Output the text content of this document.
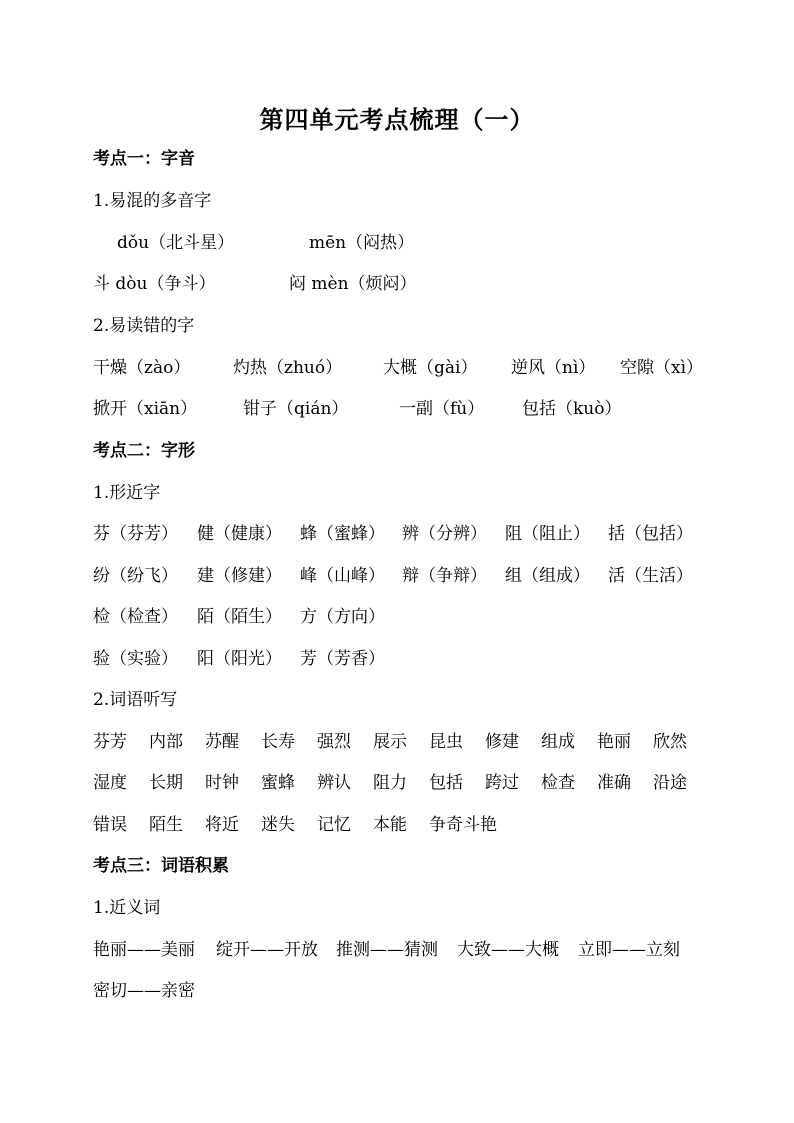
第四单元考点梳理（一）
考点一：字音
1.易混的多音字
dǒu（北斗星）	mēn（闷热）
斗 dòu（争斗）	闷 mèn（烦闷）
2.易读错的字
干燥（zào）	灼热（zhuó） 大概（gài） 逆风（nì） 空隙（xì）
掀开（xiān）	钳子（qián）	一副（fù） 包括（kuò）
考点二：字形
1.形近字
芬（芬芳） 健（健康） 蜂（蜜蜂） 辨（分辨） 阻（阻止） 括（包括）
纷（纷飞） 建（修建） 峰（山峰） 辩（争辩） 组（组成） 活（生活）
检（检查） 陌（陌生） 方（方向）
验（实验） 阳（阳光） 芳（芳香）
2.词语听写
芬芳 内部 苏醒 长寿 强烈 展示 昆虫 修建 组成 艳丽 欣然
湿度 长期 时钟 蜜蜂 辨认 阻力 包括 跨过 检查 准确 沿途
错误 陌生 将近 迷失 记忆 本能 争奇斗艳
考点三：词语积累
1.近义词
艳丽——美丽 绽开——开放 推测——猜测 大致——大概 立即——立刻
密切——亲密
